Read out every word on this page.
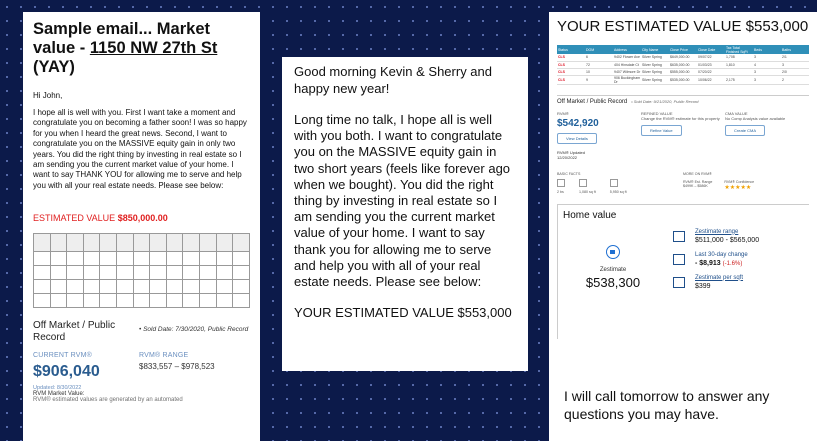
Sample email... Market value - 1150 NW 27th St (YAY)
Hi John,
I hope all is well with you. First I want take a moment and congratulate you on becoming a father soon! I was so happy for you when I heard the great news. Second, I want to congratulate you on the MASSIVE equity gain in only two years. You did the right thing by investing in real estate so I am sending you the current market value of your home. I want to say THANK YOU for allowing me to serve and help you with all your real estate needs. Please see below:
ESTIMATED VALUE $850,000.00

Off Market / Public Record
• Sold Date: 7/30/2020, Public Record
CURRENT RVM®
$906,040
RVM® RANGE
$833,557 – $978,523
Updated: 8/30/2022
RVM Market Value:
RVM® estimated values are generated by an automated
Good morning Kevin & Sherry and happy new year!
Long time no talk, I hope all is well with you both. I want to congratulate you on the MASSIVE equity gain in two short years (feels like forever ago when we bought). You did the right thing by investing in real estate so I am sending you the current market value of your home. I want to say thank you for allowing me to serve and help you with all of your real estate needs. Please see below:
YOUR ESTIMATED VALUE $553,000
YOUR ESTIMATED VALUE $553,000
Status	DOM	Address	City Name	Close Price	Close Date	Tax Total Finished SqFt	Beds	Baths
CLS	6	9402 Flower Ave	Silver Spring	$649,000.00	09/07/22	1,708	3	2/1
CLS	72	404 Hinsdale Ct	Silver Spring	$635,000.00	01/03/23	1,810	4	3
CLS	10	9407 Wilmore Dr	Silver Spring	$555,000.00	07/20/22		3	2/0
CLS	9	906 Buckingham Dr	Silver Spring	$535,000.00	10/06/22	2,175	3	2
Off Market / Public Record • Sold Date: 9/21/2020, Public Record
RVM®
$542,920
View Details
REFINED VALUE
Change the RVM® estimate for this property
Refine Value
CMA VALUE
No Comp Analysis value available
Create CMA
RVM® Updated
12/20/2022
BASIC FACTS
2 bs	1,080 sq ft	5,950 sq ft
MORE ON RVM®
RVM® Est. Range
$499K – $586K
RVM® Confidence
★★★★★
Home value
Zestimate
$538,300
Zestimate range
$511,000 - $565,000
Last 30-day change
- $8,913 (-1.6%)
Zestimate per sqft
$399
I will call tomorrow to answer any questions you may have.
